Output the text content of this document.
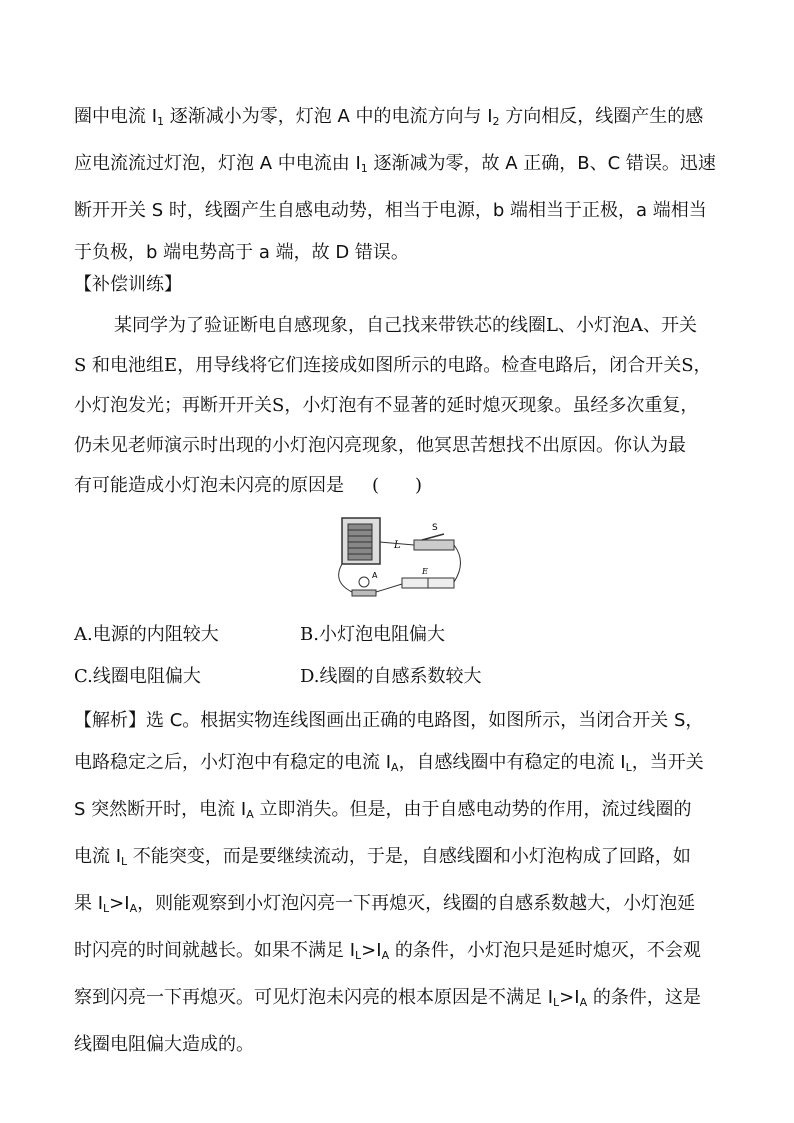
圈中电流 $I_1$ 逐渐减小为零，灯泡 A 中的电流方向与 $I_2$ 方向相反，线圈产生的感
应电流流过灯泡，灯泡 A 中电流由 $I_1$ 逐渐减为零，故 A 正确，B、C 错误。迅速
断开开关 S 时，线圈产生自感电动势，相当于电源，b 端相当于正极，a 端相当
于负极，b 端电势高于 a 端，故 D 错误。
【补偿训练】
某同学为了验证断电自感现象，自己找来带铁芯的线圈L、小灯泡A、开关
S 和电池组E，用导线将它们连接成如图所示的电路。检查电路后，闭合开关S，
小灯泡发光；再断开开关S，小灯泡有不显著的延时熄灭现象。虽经多次重复，
仍未见老师演示时出现的小灯泡闪亮现象，他冥思苦想找不出原因。你认为最
有可能造成小灯泡未闪亮的原因是 (　　)
L
S
A	E
A.电源的内阻较大	B.小灯泡电阻偏大
C.线圈电阻偏大	D.线圈的自感系数较大
【解析】选 C。根据实物连线图画出正确的电路图，如图所示，当闭合开关 S，
电路稳定之后，小灯泡中有稳定的电流 $I_A$，自感线圈中有稳定的电流 $I_L$，当开关
S 突然断开时，电流 $I_A$ 立即消失。但是，由于自感电动势的作用，流过线圈的
电流 $I_L$ 不能突变，而是要继续流动，于是，自感线圈和小灯泡构成了回路，如
果 $I_L>I_A$，则能观察到小灯泡闪亮一下再熄灭，线圈的自感系数越大，小灯泡延
时闪亮的时间就越长。如果不满足 $I_L>I_A$ 的条件，小灯泡只是延时熄灭，不会观
察到闪亮一下再熄灭。可见灯泡未闪亮的根本原因是不满足 $I_L>I_A$ 的条件，这是
线圈电阻偏大造成的。
